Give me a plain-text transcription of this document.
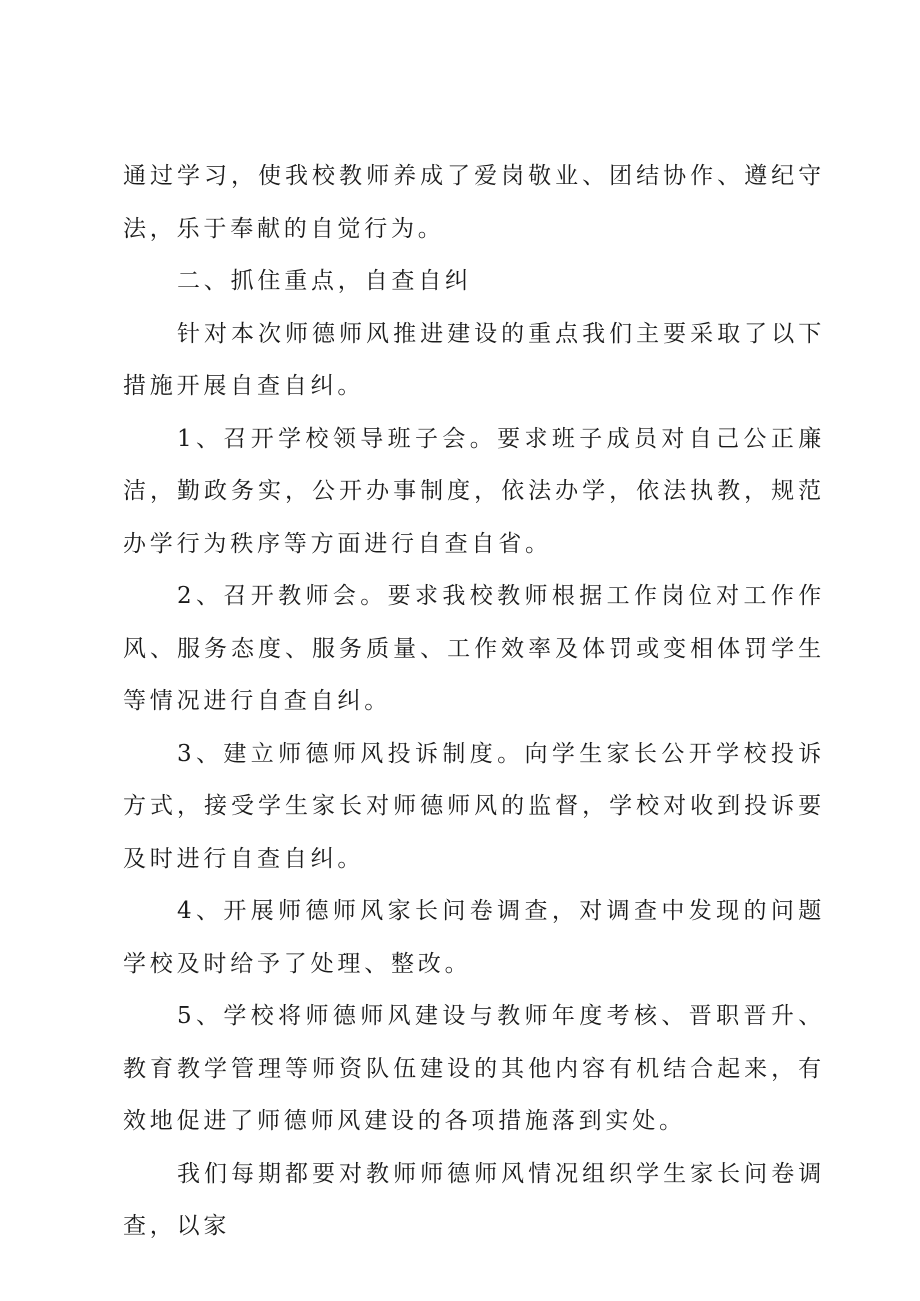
通过学习，使我校教师养成了爱岗敬业、团结协作、遵纪守法，乐于奉献的自觉行为。

二、抓住重点，自查自纠

针对本次师德师风推进建设的重点我们主要采取了以下措施开展自查自纠。

1、召开学校领导班子会。要求班子成员对自己公正廉洁，勤政务实，公开办事制度，依法办学，依法执教，规范办学行为秩序等方面进行自查自省。

2、召开教师会。要求我校教师根据工作岗位对工作作风、服务态度、服务质量、工作效率及体罚或变相体罚学生等情况进行自查自纠。

3、建立师德师风投诉制度。向学生家长公开学校投诉方式，接受学生家长对师德师风的监督，学校对收到投诉要及时进行自查自纠。

4、开展师德师风家长问卷调查，对调查中发现的问题学校及时给予了处理、整改。

5、学校将师德师风建设与教师年度考核、晋职晋升、教育教学管理等师资队伍建设的其他内容有机结合起来，有效地促进了师德师风建设的各项措施落到实处。

我们每期都要对教师师德师风情况组织学生家长问卷调查，以家
